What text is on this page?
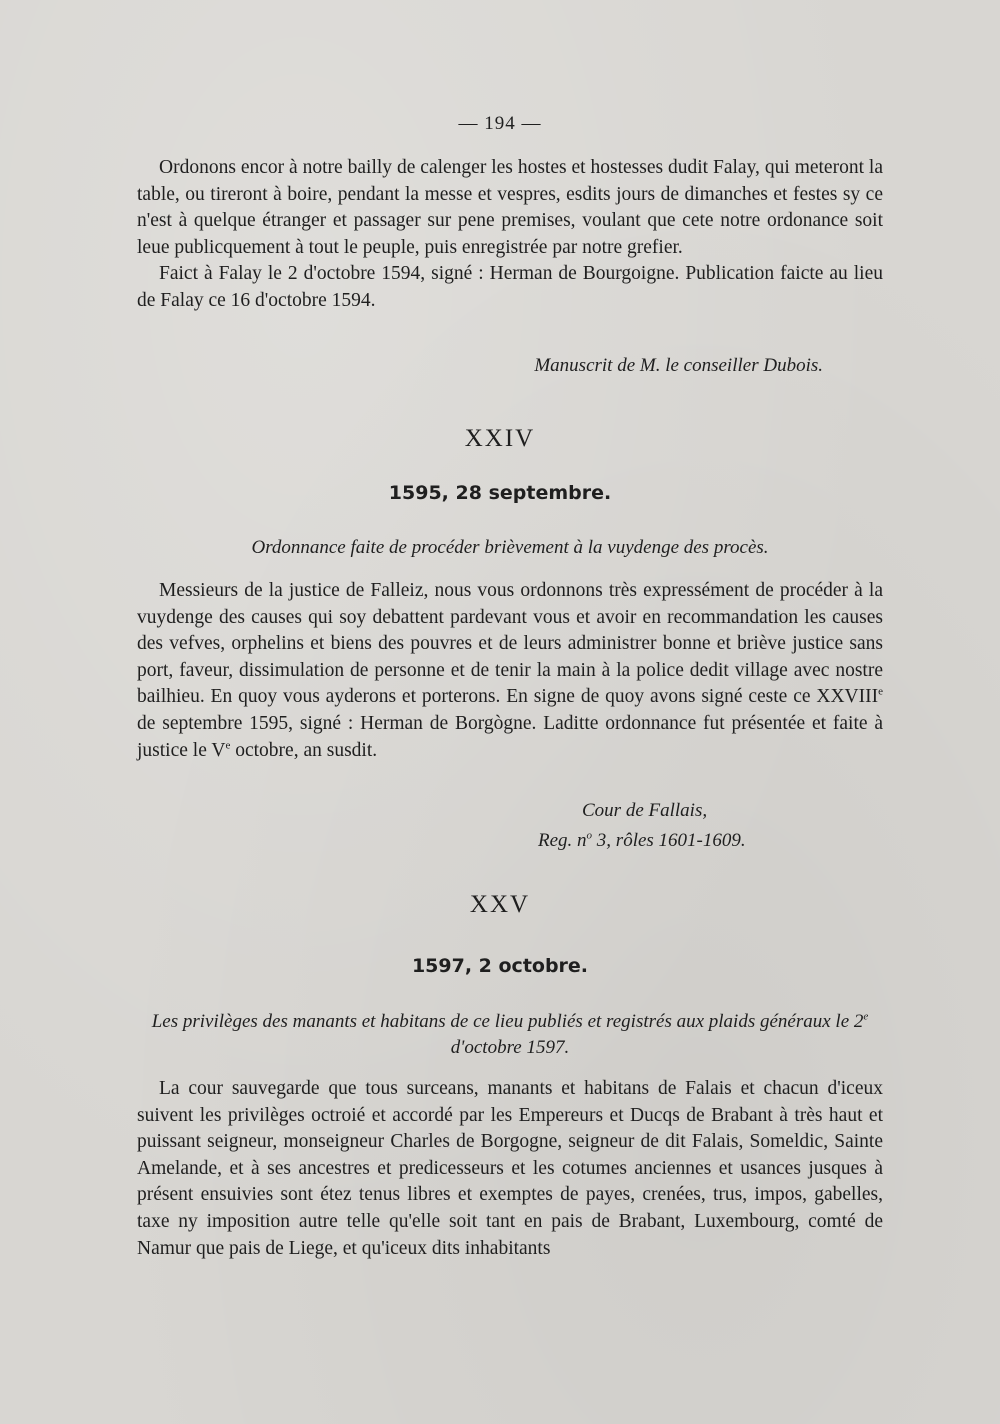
— 194 —

Ordonons encor à notre bailly de calenger les hostes et hostesses dudit Falay, qui meteront la table, ou tireront à boire, pendant la messe et vespres, esdits jours de dimanches et festes sy ce n'est à quelque étranger et passager sur pene premises, voulant que cete notre ordonance soit leue publicquement à tout le peuple, puis enregistrée par notre grefier.

Faict à Falay le 2 d'octobre 1594, signé : Herman de Bourgoigne. Publication faicte au lieu de Falay ce 16 d'octobre 1594.

Manuscrit de M. le conseiller Dubois.
XXIV
1595, 28 septembre.
Ordonnance faite de procéder brièvement à la vuydenge des procès.

Messieurs de la justice de Falleiz, nous vous ordonnons très expressément de procéder à la vuydenge des causes qui soy debattent pardevant vous et avoir en recommandation les causes des vefves, orphelins et biens des pouvres et de leurs administrer bonne et briève justice sans port, faveur, dissimulation de personne et de tenir la main à la police dedit village avec nostre bailhieu. En quoy vous ayderons et porterons. En signe de quoy avons signé ceste ce XXVIIIe de septembre 1595, signé : Herman de Borgògne. Laditte ordonnance fut présentée et faite à justice le Ve octobre, an susdit.

Cour de Fallais,
Reg. $n^o$ 3, rôles 1601-1609.
XXV
1597, 2 octobre.
Les privilèges des manants et habitans de ce lieu publiés et registrés aux plaids généraux le 2e d'octobre 1597.

La cour sauvegarde que tous surceans, manants et habitans de Falais et chacun d'iceux suivent les privilèges octroié et accordé par les Empereurs et Ducqs de Brabant à très haut et puissant seigneur, monseigneur Charles de Borgogne, seigneur de dit Falais, Someldic, Sainte Amelande, et à ses ancestres et predicesseurs et les cotumes anciennes et usances jusques à présent ensuivies sont étez tenus libres et exemptes de payes, crenées, trus, impos, gabelles, taxe ny imposition autre telle qu'elle soit tant en pais de Brabant, Luxembourg, comté de Namur que pais de Liege, et qu'iceux dits inhabitants
